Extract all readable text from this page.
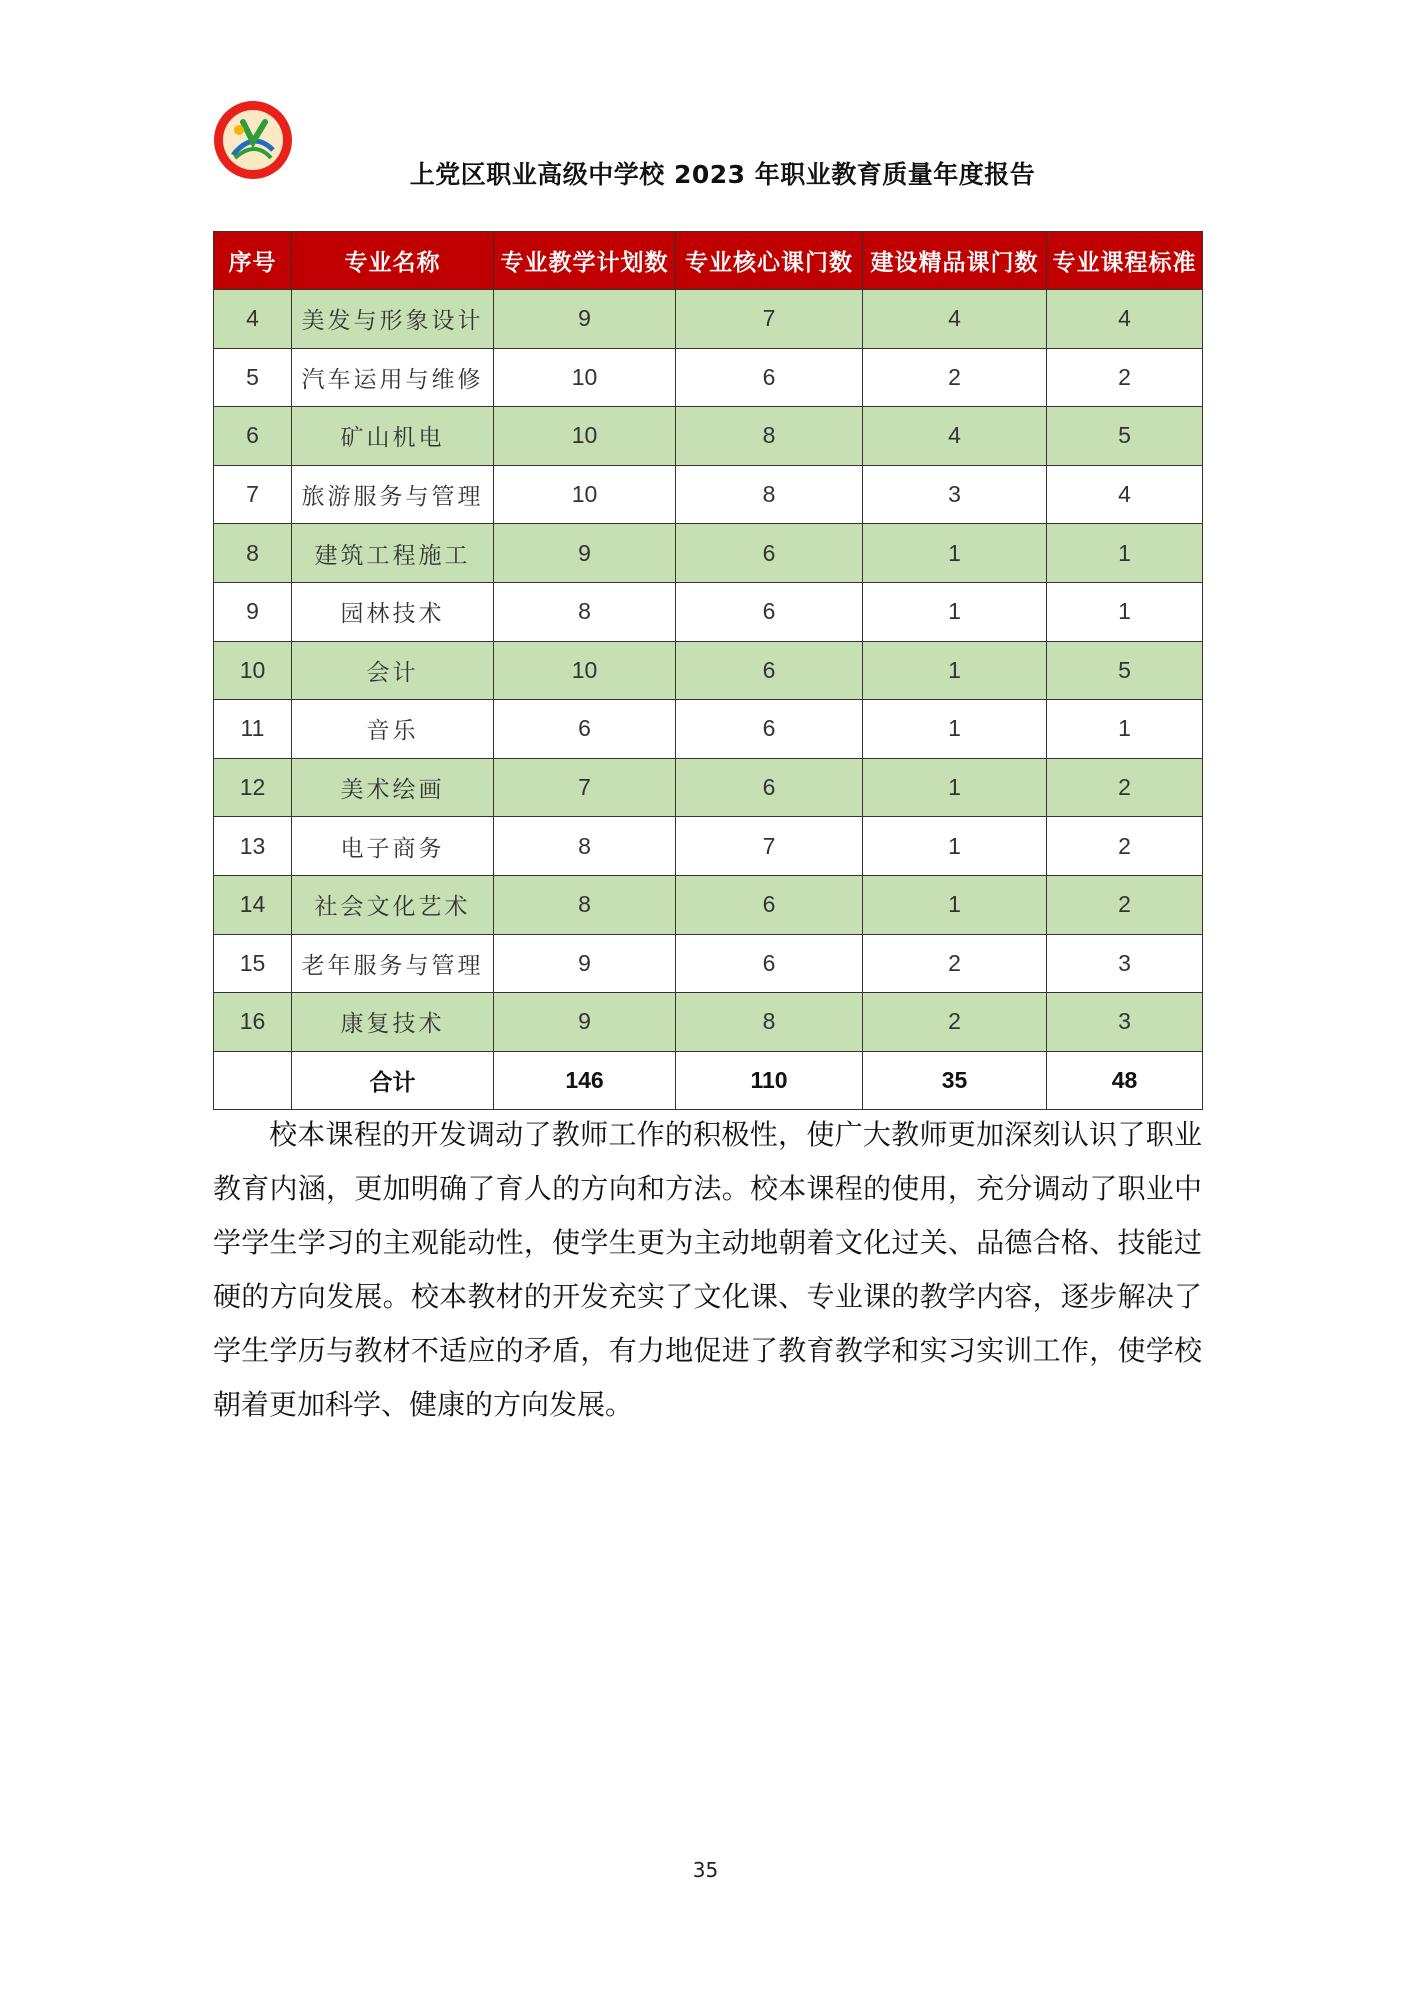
上党区职业高级中学校 2023 年职业教育质量年度报告
序号	专业名称	专业教学计划数	专业核心课门数	建设精品课门数	专业课程标准
4	美发与形象设计	9	7	4	4
5	汽车运用与维修	10	6	2	2
6	矿山机电	10	8	4	5
7	旅游服务与管理	10	8	3	4
8	建筑工程施工	9	6	1	1
9	园林技术	8	6	1	1
10	会计	10	6	1	5
11	音乐	6	6	1	1
12	美术绘画	7	6	1	2
13	电子商务	8	7	1	2
14	社会文化艺术	8	6	1	2
15	老年服务与管理	9	6	2	3
16	康复技术	9	8	2	3
	合计	146	110	35	48

校本课程的开发调动了教师工作的积极性，使广大教师更加深刻认识了职业教育内涵，更加明确了育人的方向和方法。校本课程的使用，充分调动了职业中学学生学习的主观能动性，使学生更为主动地朝着文化过关、品德合格、技能过硬的方向发展。校本教材的开发充实了文化课、专业课的教学内容，逐步解决了学生学历与教材不适应的矛盾，有力地促进了教育教学和实习实训工作，使学校朝着更加科学、健康的方向发展。

35
